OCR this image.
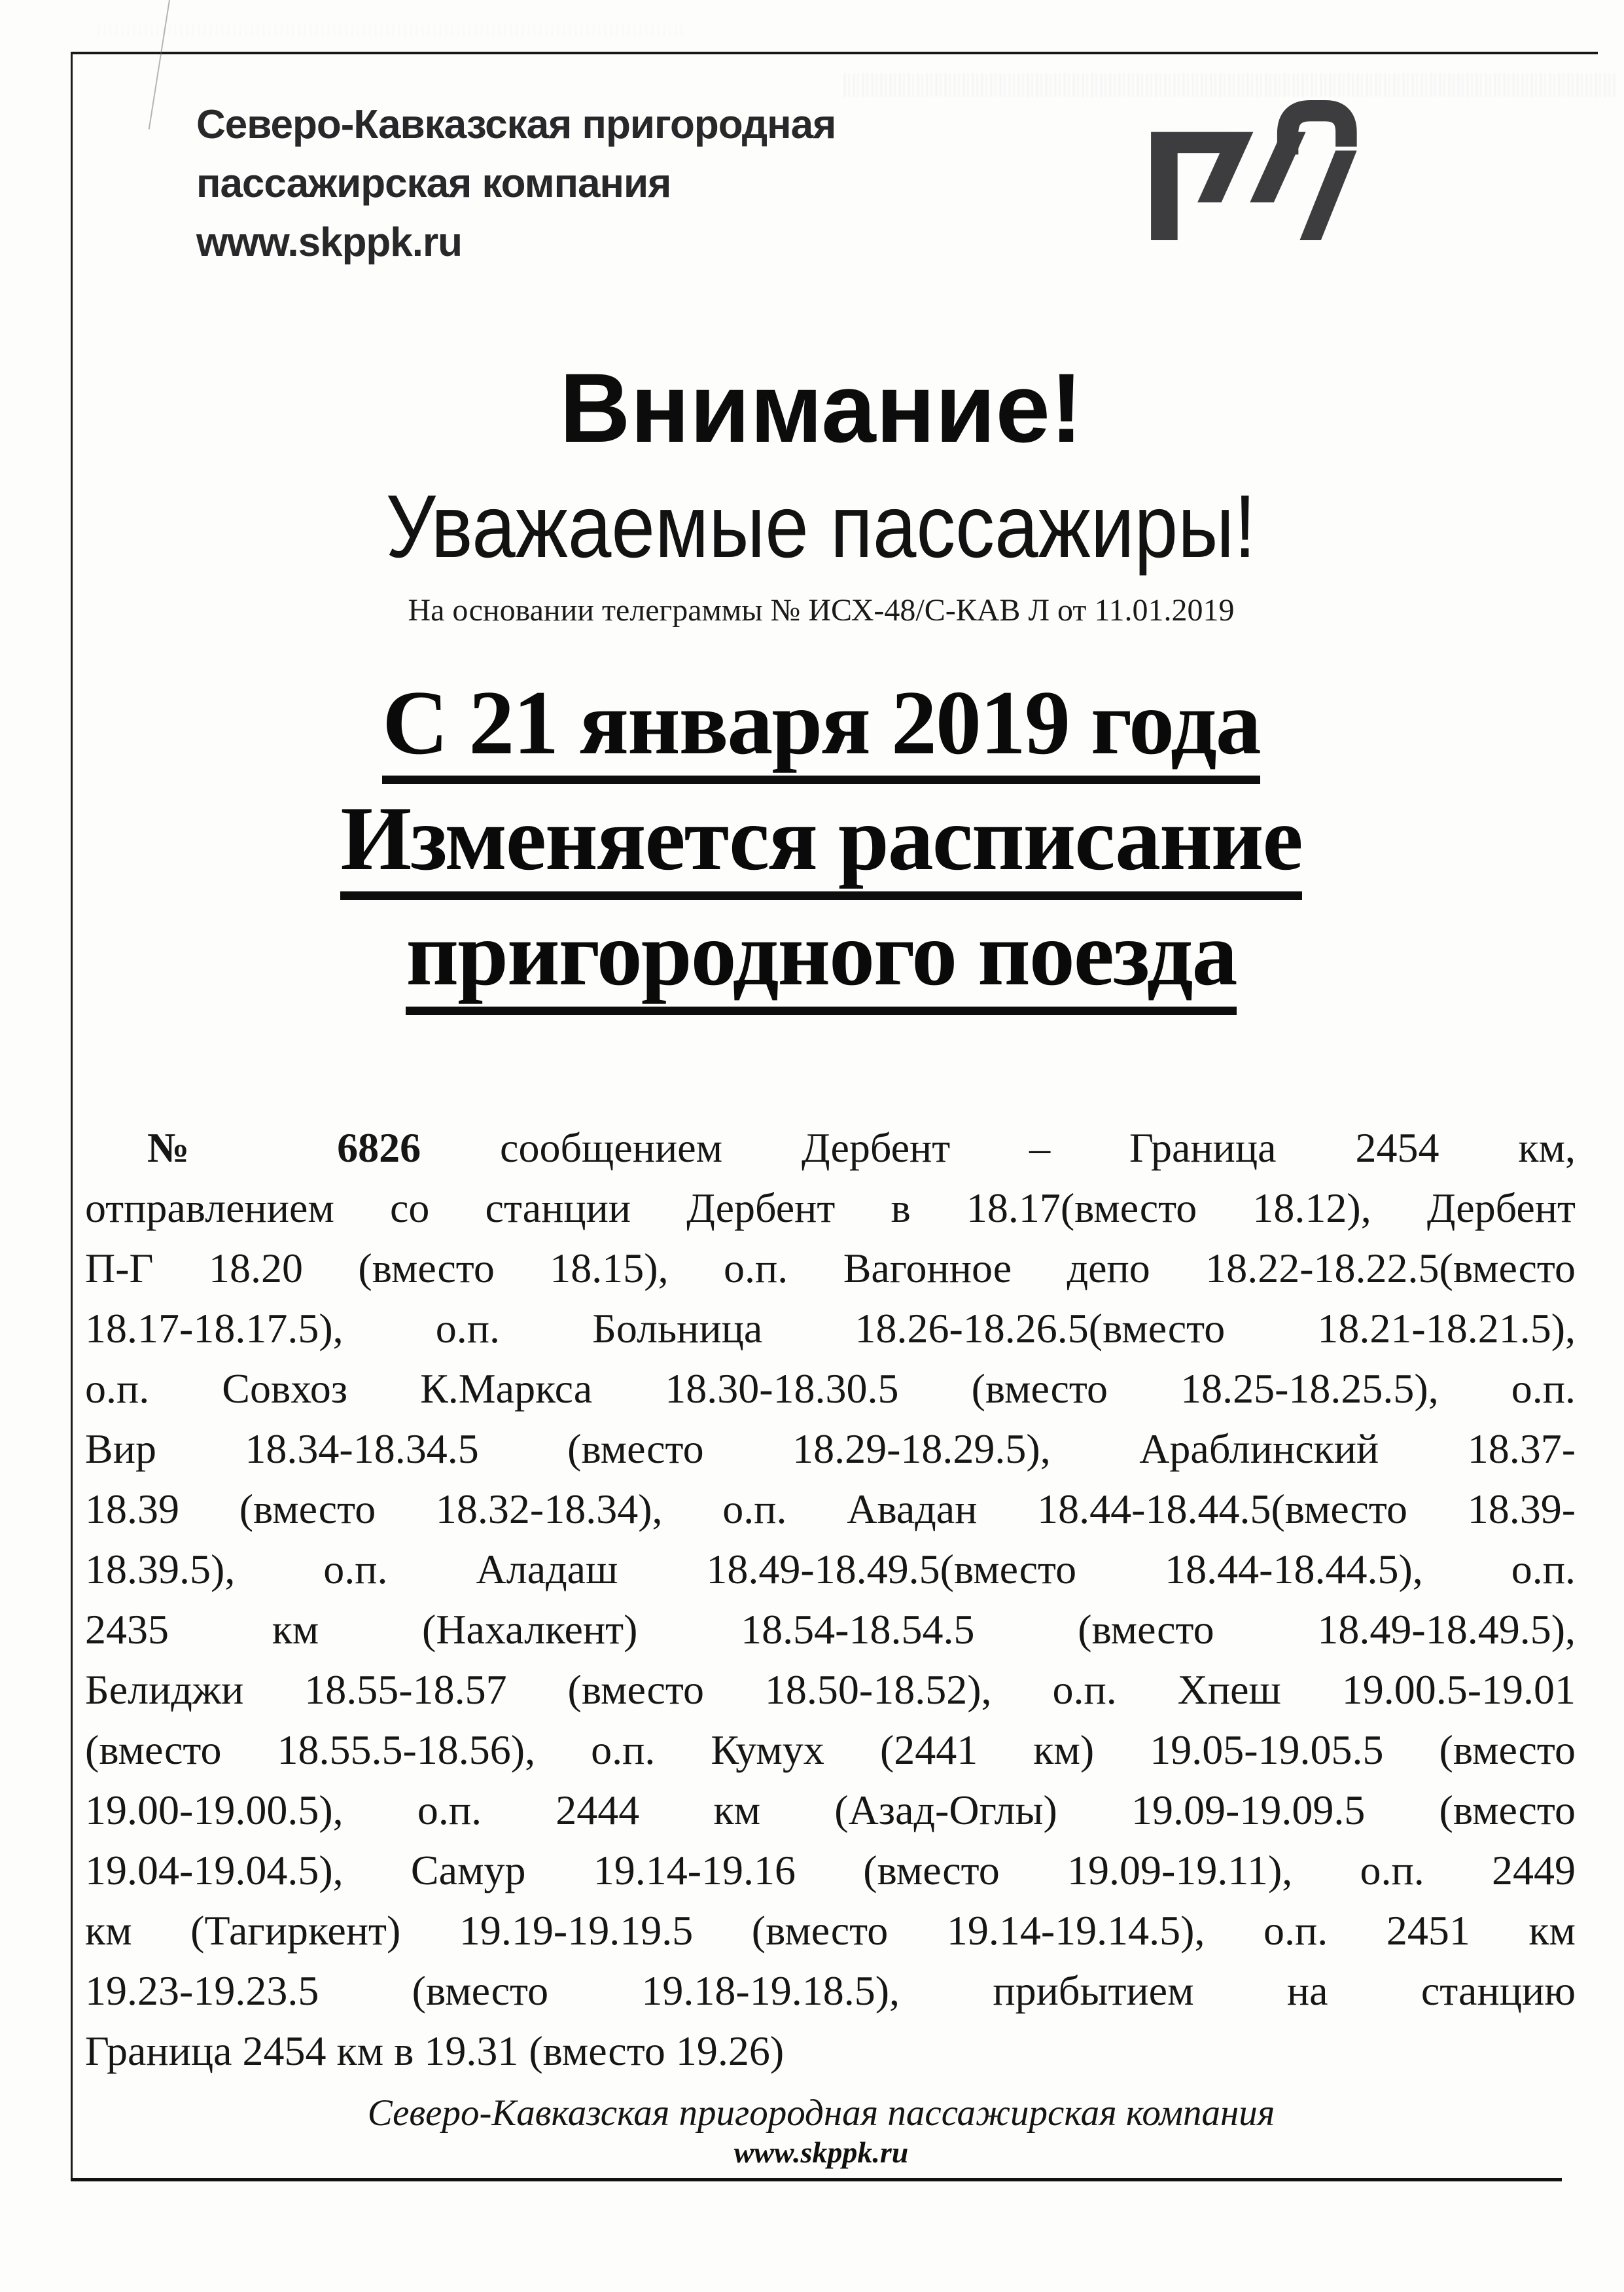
Северо-Кавказская пригородная
пассажирская компания
www.skppk.ru
Внимание!
Уважаемые пассажиры!
На основании телеграммы № ИСХ-48/С-КАВ Л от 11.01.2019
С 21 января 2019 года
Изменяется расписание
пригородного поезда
№ 6826 сообщением Дербент – Граница 2454 км,
отправлением со станции Дербент в 18.17(вместо 18.12), Дербент
П-Г 18.20 (вместо 18.15), о.п. Вагонное депо 18.22-18.22.5(вместо
18.17-18.17.5), о.п. Больница 18.26-18.26.5(вместо 18.21-18.21.5),
о.п. Совхоз К.Маркса 18.30-18.30.5 (вместо 18.25-18.25.5), о.п.
Вир 18.34-18.34.5 (вместо 18.29-18.29.5), Араблинский 18.37-
18.39 (вместо 18.32-18.34), о.п. Авадан 18.44-18.44.5(вместо 18.39-
18.39.5), о.п. Аладаш 18.49-18.49.5(вместо 18.44-18.44.5), о.п.
2435 км (Нахалкент) 18.54-18.54.5 (вместо 18.49-18.49.5),
Белиджи 18.55-18.57 (вместо 18.50-18.52), о.п. Хпеш 19.00.5-19.01
(вместо 18.55.5-18.56), о.п. Кумух (2441 км) 19.05-19.05.5 (вместо
19.00-19.00.5), о.п. 2444 км (Азад-Оглы) 19.09-19.09.5 (вместо
19.04-19.04.5), Самур 19.14-19.16 (вместо 19.09-19.11), о.п. 2449
км (Тагиркент) 19.19-19.19.5 (вместо 19.14-19.14.5), о.п. 2451 км
19.23-19.23.5 (вместо 19.18-19.18.5), прибытием на станцию
Граница 2454 км в 19.31 (вместо 19.26)
Северо-Кавказская пригородная пассажирская компания
www.skppk.ru
